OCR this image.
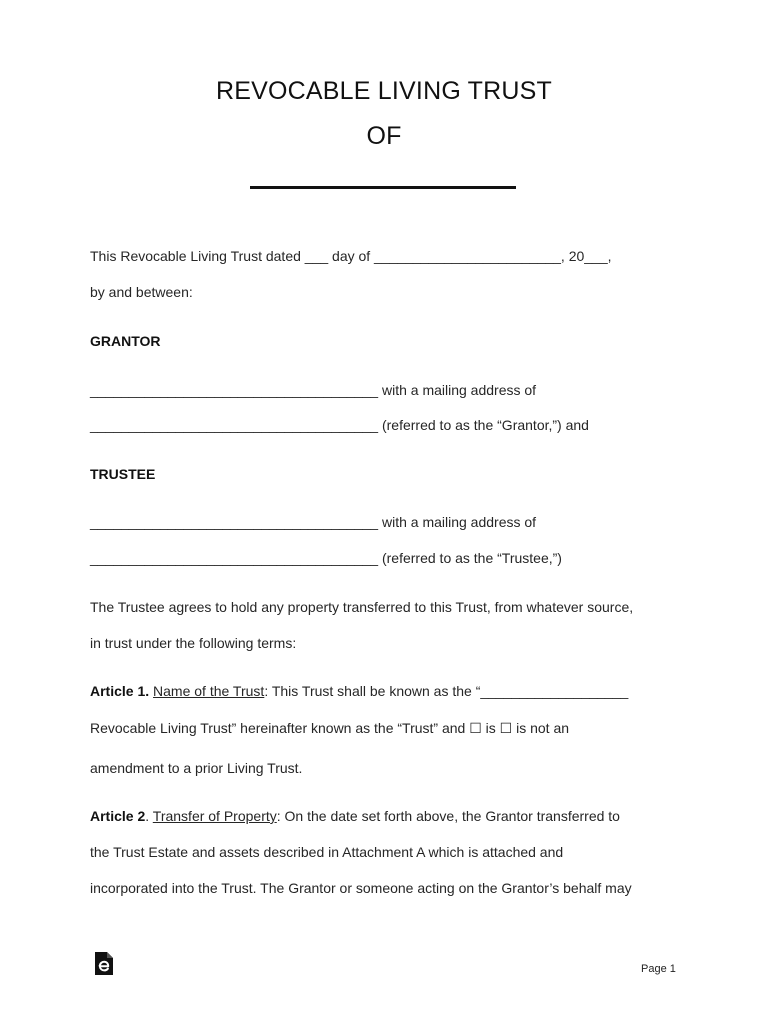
REVOCABLE LIVING TRUST
OF
This Revocable Living Trust dated ___ day of ________________________, 20___,
by and between:
GRANTOR
_____________________________________ with a mailing address of
_____________________________________ (referred to as the “Grantor,”) and
TRUSTEE
_____________________________________ with a mailing address of
_____________________________________ (referred to as the “Trustee,”)
The Trustee agrees to hold any property transferred to this Trust, from whatever source,
in trust under the following terms:
Article 1. Name of the Trust: This Trust shall be known as the “___________________
Revocable Living Trust” hereinafter known as the “Trust” and ☐ is ☐ is not an
amendment to a prior Living Trust.
Article 2. Transfer of Property: On the date set forth above, the Grantor transferred to
the Trust Estate and assets described in Attachment A which is attached and
incorporated into the Trust. The Grantor or someone acting on the Grantor’s behalf may
Page 1
